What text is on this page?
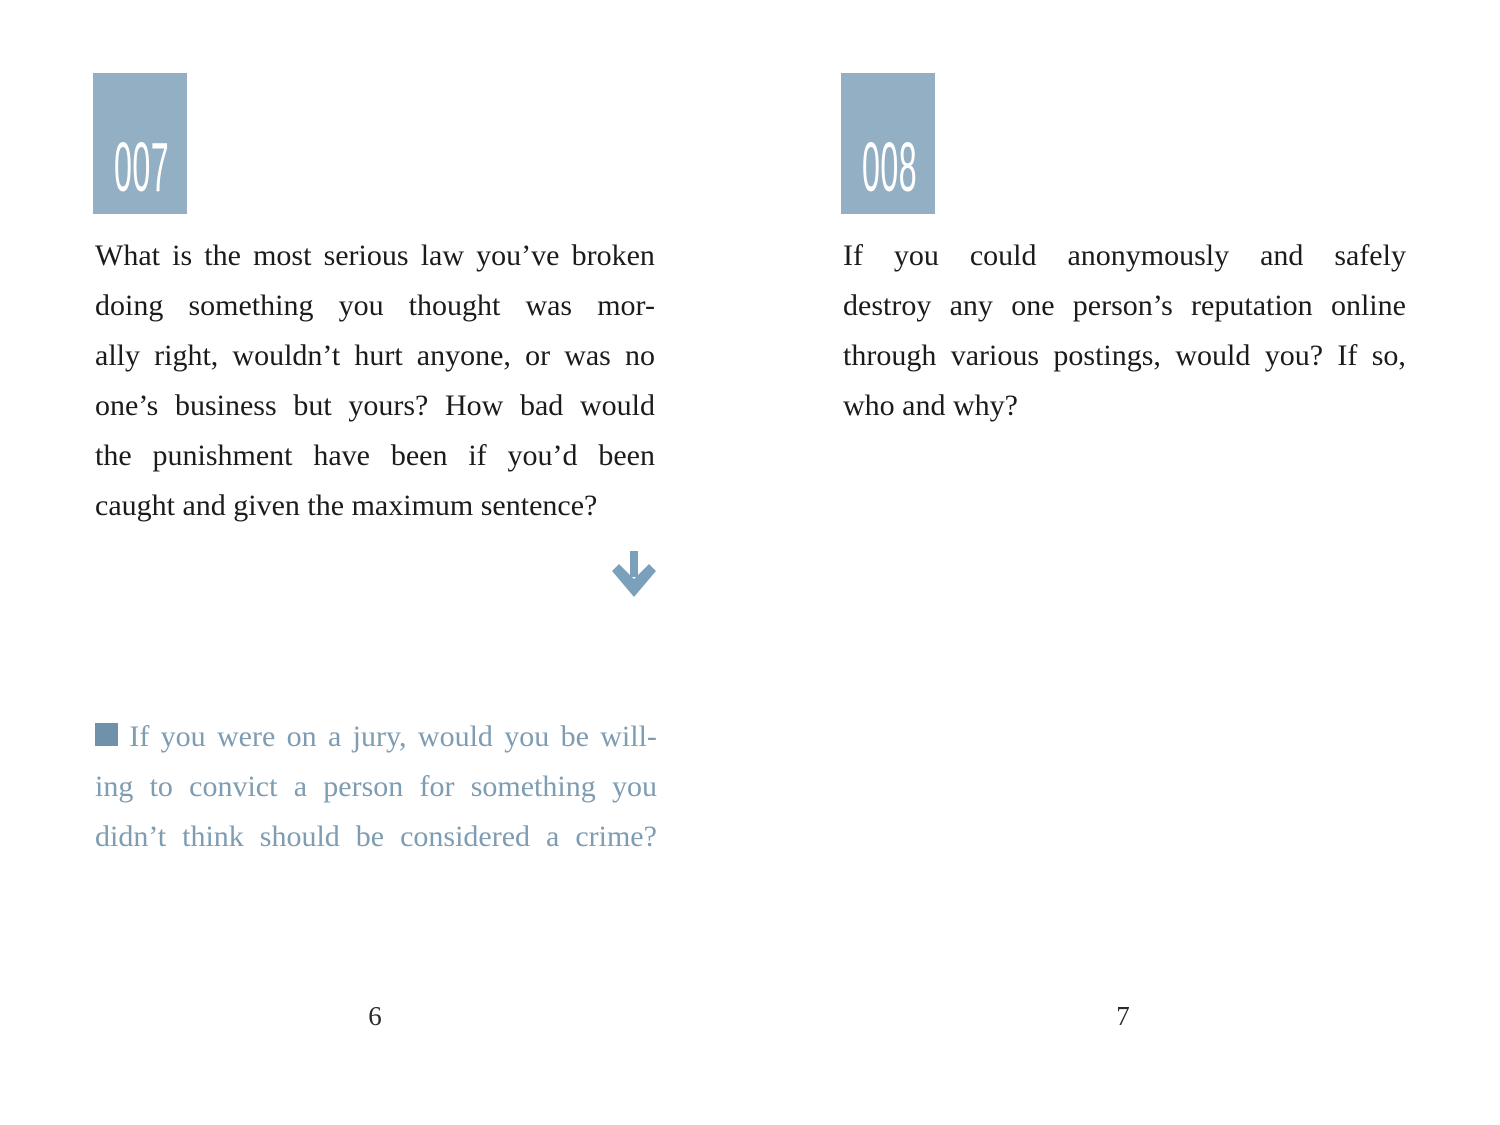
007
What is the most serious law you’ve broken
doing something you thought was mor-
ally right, wouldn’t hurt anyone, or was no
one’s business but yours? How bad would
the punishment have been if you’d been
caught and given the maximum sentence?
If you were on a jury, would you be will-
ing to convict a person for something you
didn’t think should be considered a crime?
6
008
If you could anonymously and safely
destroy any one person’s reputation online
through various postings, would you? If so,
who and why?
7
